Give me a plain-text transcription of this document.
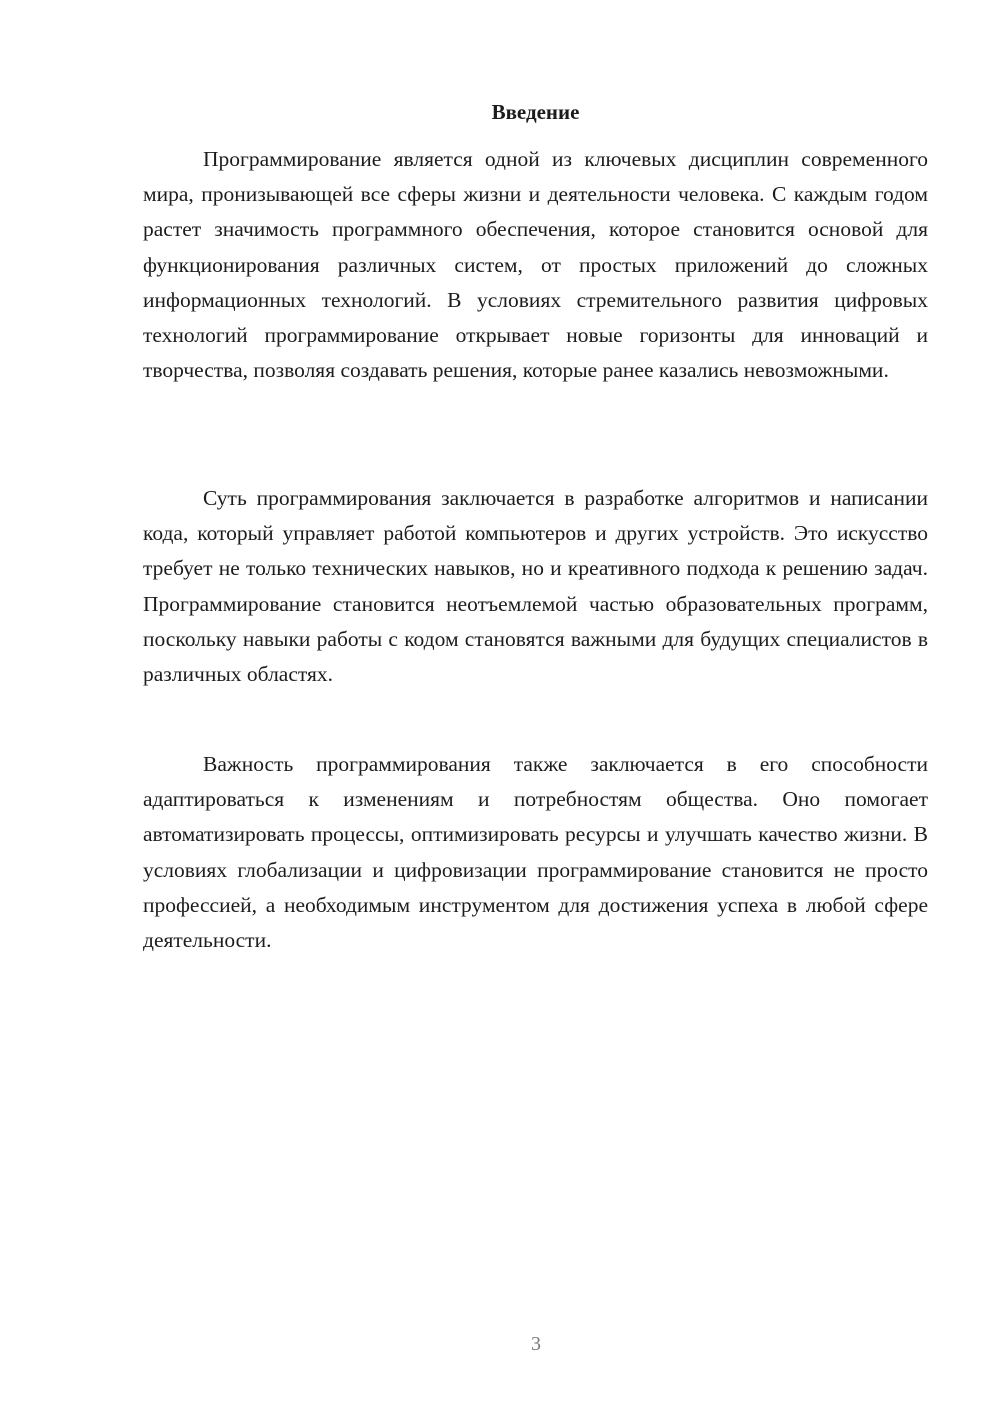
Введение

Программирование является одной из ключевых дисциплин современного мира, пронизывающей все сферы жизни и деятельности человека. С каждым годом растет значимость программного обеспечения, которое становится основой для функционирования различных систем, от простых приложений до сложных информационных технологий. В условиях стремительного развития цифровых технологий программирование открывает новые горизонты для инноваций и творчества, позволяя создавать решения, которые ранее казались невозможными.

Суть программирования заключается в разработке алгоритмов и написании кода, который управляет работой компьютеров и других устройств. Это искусство требует не только технических навыков, но и креативного подхода к решению задач. Программирование становится неотъемлемой частью образовательных программ, поскольку навыки работы с кодом становятся важными для будущих специалистов в различных областях.

Важность программирования также заключается в его способности адаптироваться к изменениям и потребностям общества. Оно помогает автоматизировать процессы, оптимизировать ресурсы и улучшать качество жизни. В условиях глобализации и цифровизации программирование становится не просто профессией, а необходимым инструментом для достижения успеха в любой сфере деятельности.

3
